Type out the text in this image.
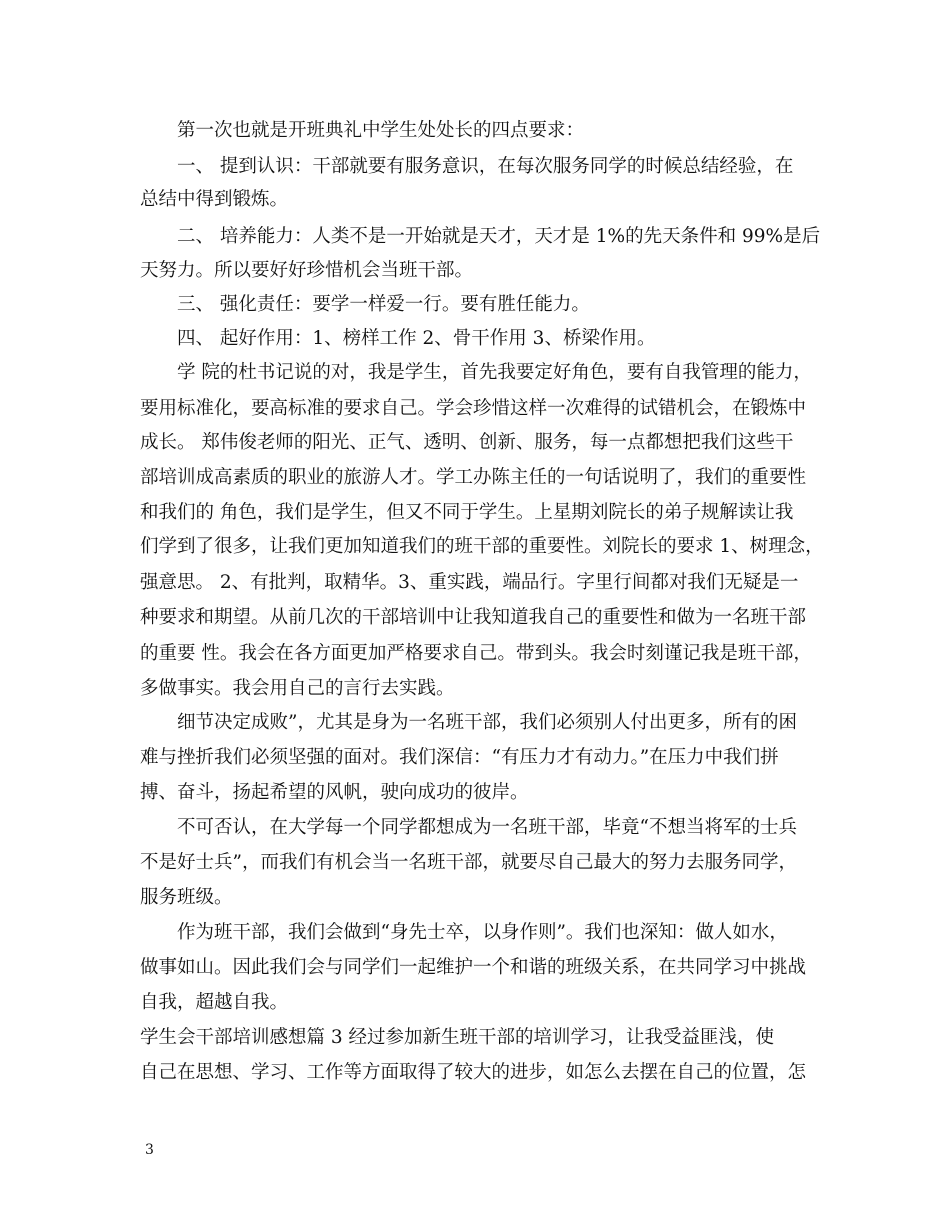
第一次也就是开班典礼中学生处处长的四点要求：

一、 提到认识：干部就要有服务意识，在每次服务同学的时候总结经验，在

总结中得到锻炼。

二、 培养能力：人类不是一开始就是天才，天才是 1%的先天条件和 99%是后

天努力。所以要好好珍惜机会当班干部。

三、 强化责任：要学一样爱一行。要有胜任能力。

四、 起好作用：1、榜样工作 2、骨干作用 3、桥梁作用。

学 院的杜书记说的对，我是学生，首先我要定好角色，要有自我管理的能力，

要用标准化，要高标准的要求自己。学会珍惜这样一次难得的试错机会，在锻炼中

成长。 郑伟俊老师的阳光、正气、透明、创新、服务，每一点都想把我们这些干

部培训成高素质的职业的旅游人才。学工办陈主任的一句话说明了，我们的重要性

和我们的 角色，我们是学生，但又不同于学生。上星期刘院长的弟子规解读让我

们学到了很多，让我们更加知道我们的班干部的重要性。刘院长的要求 1、树理念，

强意思。 2、有批判，取精华。3、重实践，端品行。字里行间都对我们无疑是一

种要求和期望。从前几次的干部培训中让我知道我自己的重要性和做为一名班干部

的重要 性。我会在各方面更加严格要求自己。带到头。我会时刻谨记我是班干部，

多做事实。我会用自己的言行去实践。

细节决定成败”，尤其是身为一名班干部，我们必须别人付出更多，所有的困

难与挫折我们必须坚强的面对。我们深信：“有压力才有动力。”在压力中我们拼

搏、奋斗，扬起希望的风帆，驶向成功的彼岸。

不可否认，在大学每一个同学都想成为一名班干部，毕竟“不想当将军的士兵

不是好士兵”，而我们有机会当一名班干部，就要尽自己最大的努力去服务同学，

服务班级。

作为班干部，我们会做到“身先士卒，以身作则”。我们也深知：做人如水，

做事如山。因此我们会与同学们一起维护一个和谐的班级关系，在共同学习中挑战

自我，超越自我。

学生会干部培训感想篇 3 经过参加新生班干部的培训学习，让我受益匪浅，使

自己在思想、学习、工作等方面取得了较大的进步，如怎么去摆在自己的位置，怎

3
